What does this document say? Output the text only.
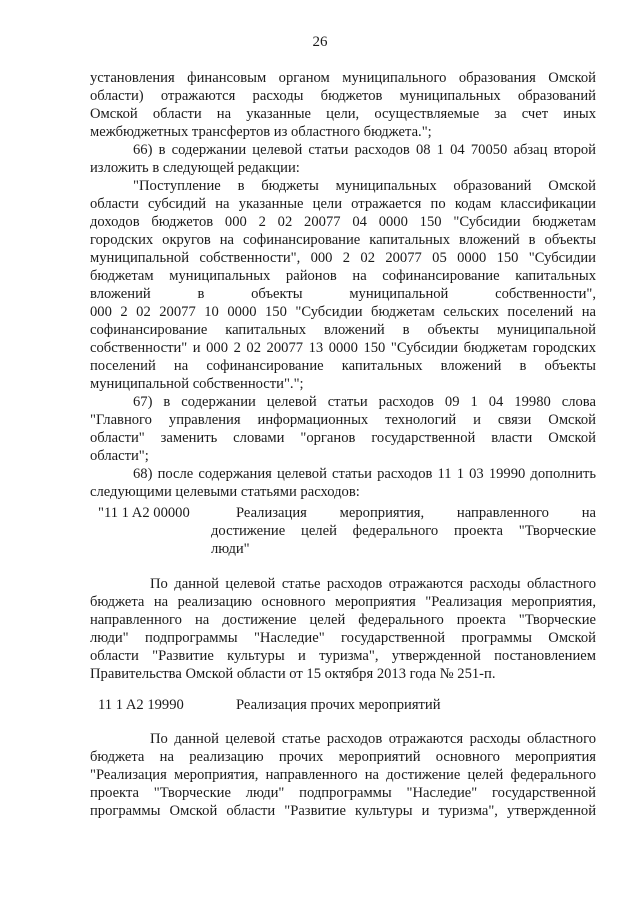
26
установления финансовым органом муниципального образования Омской
области) отражаются расходы бюджетов муниципальных образований
Омской области на указанные цели, осуществляемые за счет иных
межбюджетных трансфертов из областного бюджета.";
66) в содержании целевой статьи расходов 08 1 04 70050 абзац второй
изложить в следующей редакции:
"Поступление в бюджеты муниципальных образований Омской
области субсидий на указанные цели отражается по кодам классификации
доходов бюджетов 000 2 02 20077 04 0000 150 "Субсидии бюджетам
городских округов на софинансирование капитальных вложений в объекты
муниципальной собственности", 000 2 02 20077 05 0000 150 "Субсидии
бюджетам муниципальных районов на софинансирование капитальных
вложений в объекты муниципальной собственности",
000 2 02 20077 10 0000 150 "Субсидии бюджетам сельских поселений на
софинансирование капитальных вложений в объекты муниципальной
собственности" и 000 2 02 20077 13 0000 150 "Субсидии бюджетам городских
поселений на софинансирование капитальных вложений в объекты
муниципальной собственности".";
67) в содержании целевой статьи расходов 09 1 04 19980 слова
"Главного управления информационных технологий и связи Омской
области" заменить словами "органов государственной власти Омской
области";
68) после содержания целевой статьи расходов 11 1 03 19990 дополнить
следующими целевыми статьями расходов:
"11 1 A2 00000	Реализация мероприятия, направленного на
достижение целей федерального проекта "Творческие
люди"
По данной целевой статье расходов отражаются расходы областного
бюджета на реализацию основного мероприятия "Реализация мероприятия,
направленного на достижение целей федерального проекта "Творческие
люди" подпрограммы "Наследие" государственной программы Омской
области "Развитие культуры и туризма", утвержденной постановлением
Правительства Омской области от 15 октября 2013 года № 251-п.
11 1 A2 19990	Реализация прочих мероприятий
По данной целевой статье расходов отражаются расходы областного
бюджета на реализацию прочих мероприятий основного мероприятия
"Реализация мероприятия, направленного на достижение целей федерального
проекта "Творческие люди" подпрограммы "Наследие" государственной
программы Омской области "Развитие культуры и туризма", утвержденной
